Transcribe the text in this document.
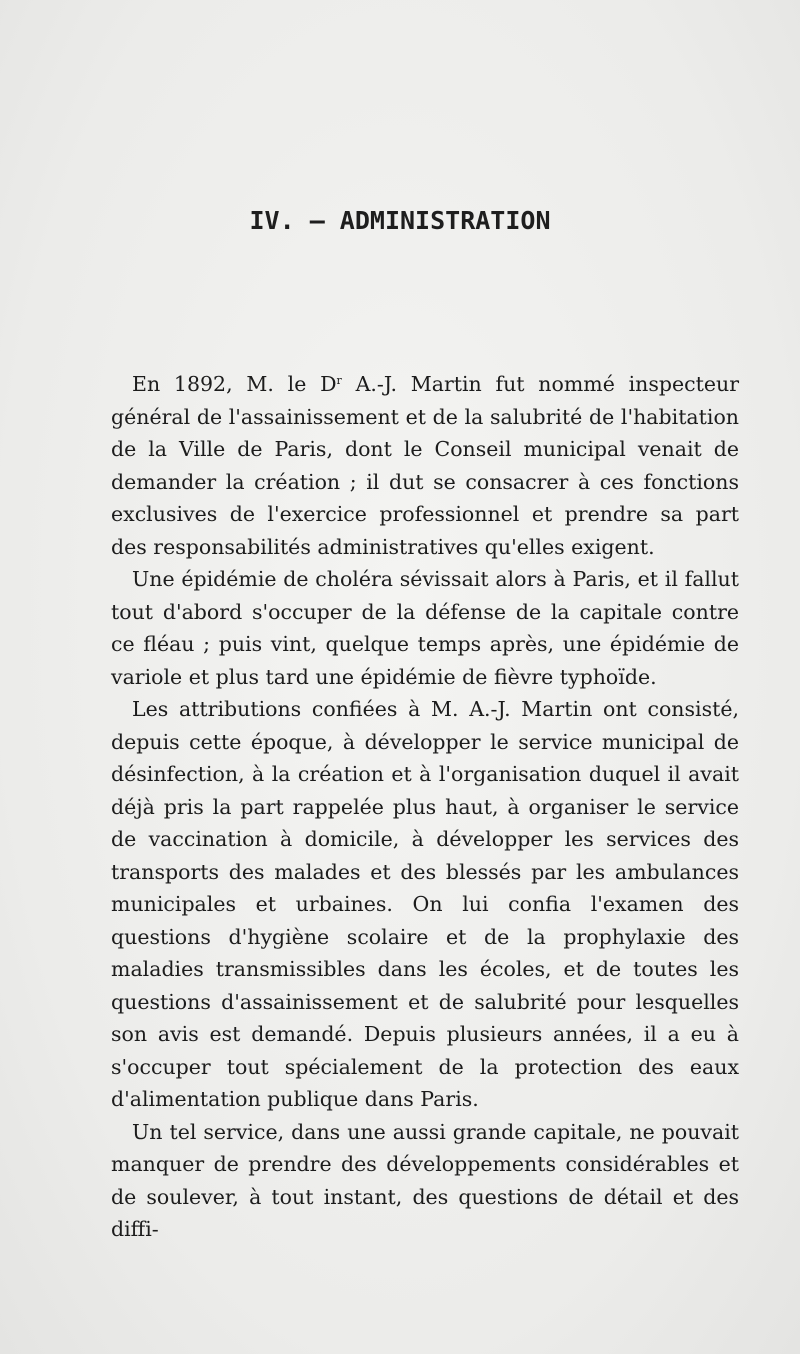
IV. — ADMINISTRATION

En 1892, M. le $D^r$ A.-J. Martin fut nommé inspecteur général de l'assainissement et de la salubrité de l'habitation de la Ville de Paris, dont le Conseil municipal venait de demander la création ; il dut se consacrer à ces fonctions exclusives de l'exercice professionnel et prendre sa part des responsabilités administratives qu'elles exigent.

Une épidémie de choléra sévissait alors à Paris, et il fallut tout d'abord s'occuper de la défense de la capitale contre ce fléau ; puis vint, quelque temps après, une épidémie de variole et plus tard une épidémie de fièvre typhoïde.

Les attributions confiées à M. A.-J. Martin ont consisté, depuis cette époque, à développer le service municipal de désinfection, à la création et à l'organisation duquel il avait déjà pris la part rappelée plus haut, à organiser le service de vaccination à domicile, à développer les services des transports des malades et des blessés par les ambulances municipales et urbaines. On lui confia l'examen des questions d'hygiène scolaire et de la prophylaxie des maladies transmissibles dans les écoles, et de toutes les questions d'assainissement et de salubrité pour lesquelles son avis est demandé. Depuis plusieurs années, il a eu à s'occuper tout spécialement de la protection des eaux d'alimentation publique dans Paris.

Un tel service, dans une aussi grande capitale, ne pouvait manquer de prendre des développements considérables et de soulever, à tout instant, des questions de détail et des diffi-
